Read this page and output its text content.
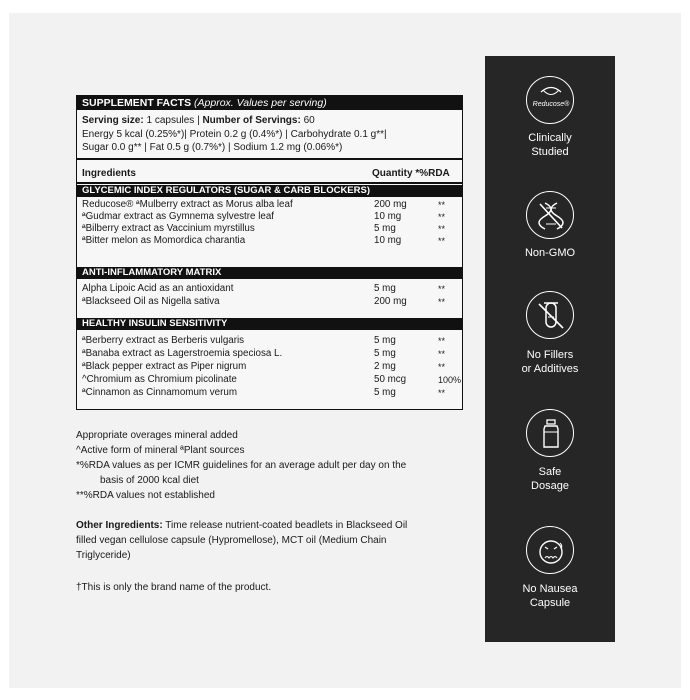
SUPPLEMENT FACTS (Approx. Values per serving)
Serving size: 1 capsules | Number of Servings: 60
Energy 5 kcal (0.25%*)| Protein 0.2 g (0.4%*) | Carbohydrate 0.1 g**|
Sugar 0.0 g** | Fat 0.5 g (0.7%*) | Sodium 1.2 mg (0.06%*)
Ingredients	Quantity *%RDA
GLYCEMIC INDEX REGULATORS (SUGAR & CARB BLOCKERS)
Reducose® ªMulberry extract as Morus alba leaf	200 mg	**
ªGudmar extract as Gymnema sylvestre leaf	10 mg	**
ªBilberry extract as Vaccinium myrstillus	5 mg	**
ªBitter melon as Momordica charantia	10 mg	**
ANTI-INFLAMMATORY MATRIX
Alpha Lipoic Acid as an antioxidant	5 mg	**
ªBlackseed Oil as Nigella sativa	200 mg	**
HEALTHY INSULIN SENSITIVITY
ªBerberry extract as Berberis vulgaris	5 mg	**
ªBanaba extract as Lagerstroemia speciosa L.	5 mg	**
ªBlack pepper extract as Piper nigrum	2 mg	**
^Chromium as Chromium picolinate	50 mcg	100%
ªCinnamon as Cinnamomum verum	5 mg	**
Appropriate overages mineral added
^Active form of mineral ªPlant sources
*%RDA values as per ICMR guidelines for an average adult per day on the
basis of 2000 kcal diet
**%RDA values not established
Other Ingredients: Time release nutrient-coated beadlets in Blackseed Oil
filled vegan cellulose capsule (Hypromellose), MCT oil (Medium Chain
Triglyceride)
†This is only the brand name of the product.
Reducose®
Clinically
Studied
Non-GMO
No Fillers
or Additives
Safe
Dosage
No Nausea
Capsule
